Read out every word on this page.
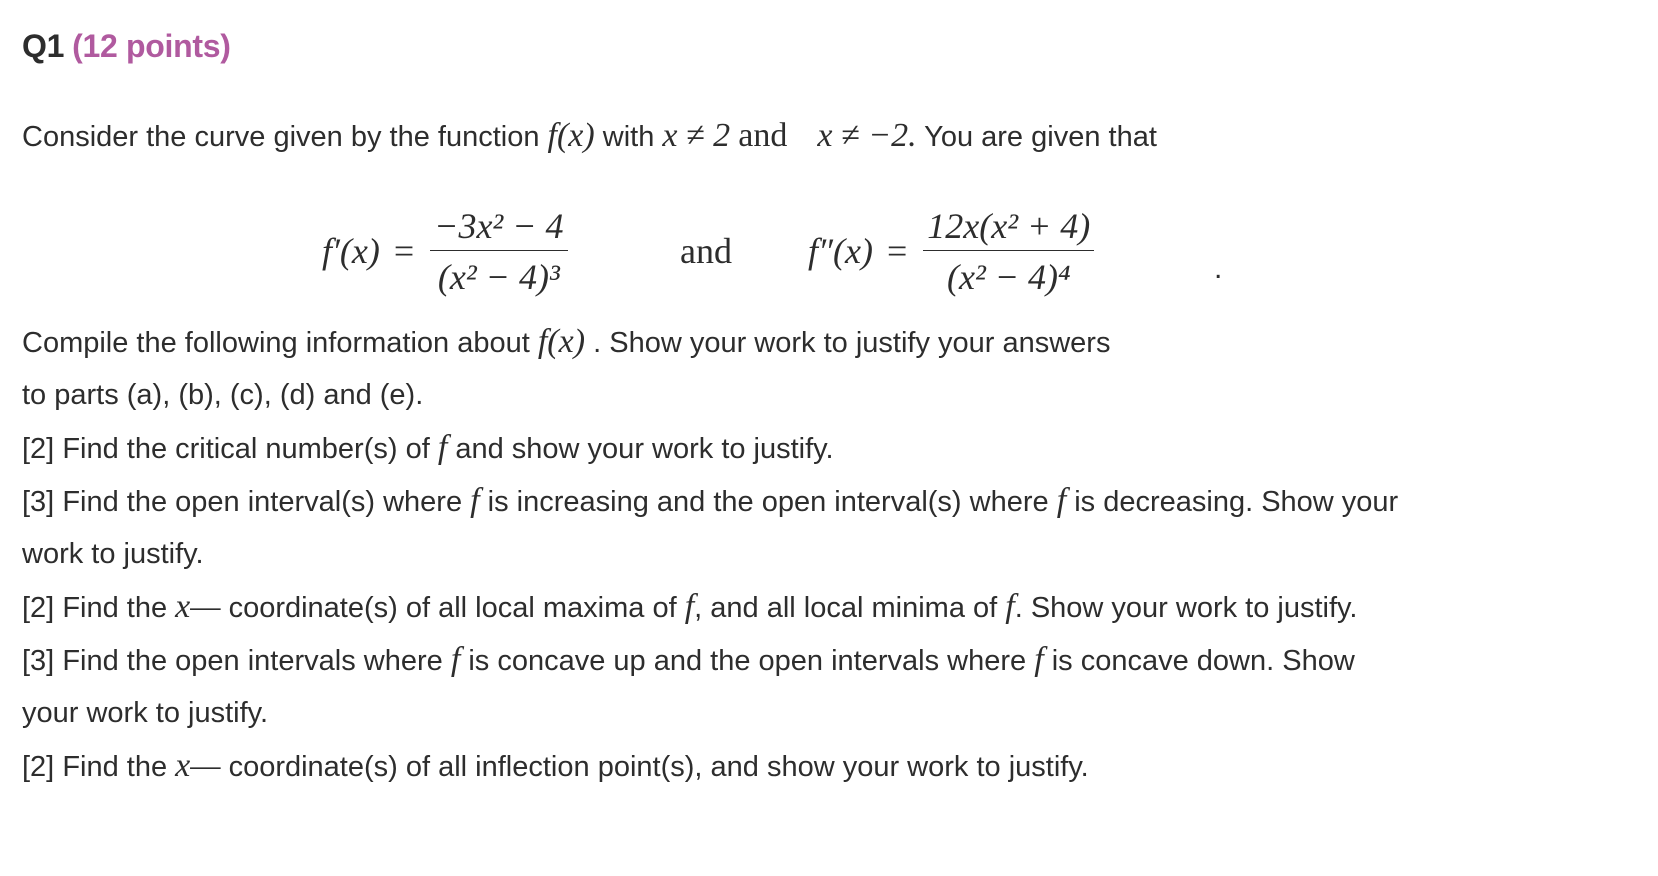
Q1 (12 points)
Consider the curve given by the function f(x) with x ≠ 2 and x ≠ −2. You are given that
$f'(x) = \frac{\text{−3x² − 4}}{\text{(x² − 4)³}}$	and $f''(x) = \frac{\text{12x(x² + 4)}}{\text{(x² − 4)⁴}}$	.
Compile the following information about f(x) . Show your work to justify your answers
to parts (a), (b), (c), (d) and (e).
[2] Find the critical number(s) of f and show your work to justify.
[3] Find the open interval(s) where f is increasing and the open interval(s) where f is decreasing. Show your
work to justify.
[2] Find the x— coordinate(s) of all local maxima of f, and all local minima of f. Show your work to justify.
[3] Find the open intervals where f is concave up and the open intervals where f is concave down. Show
your work to justify.
[2] Find the x— coordinate(s) of all inflection point(s), and show your work to justify.
